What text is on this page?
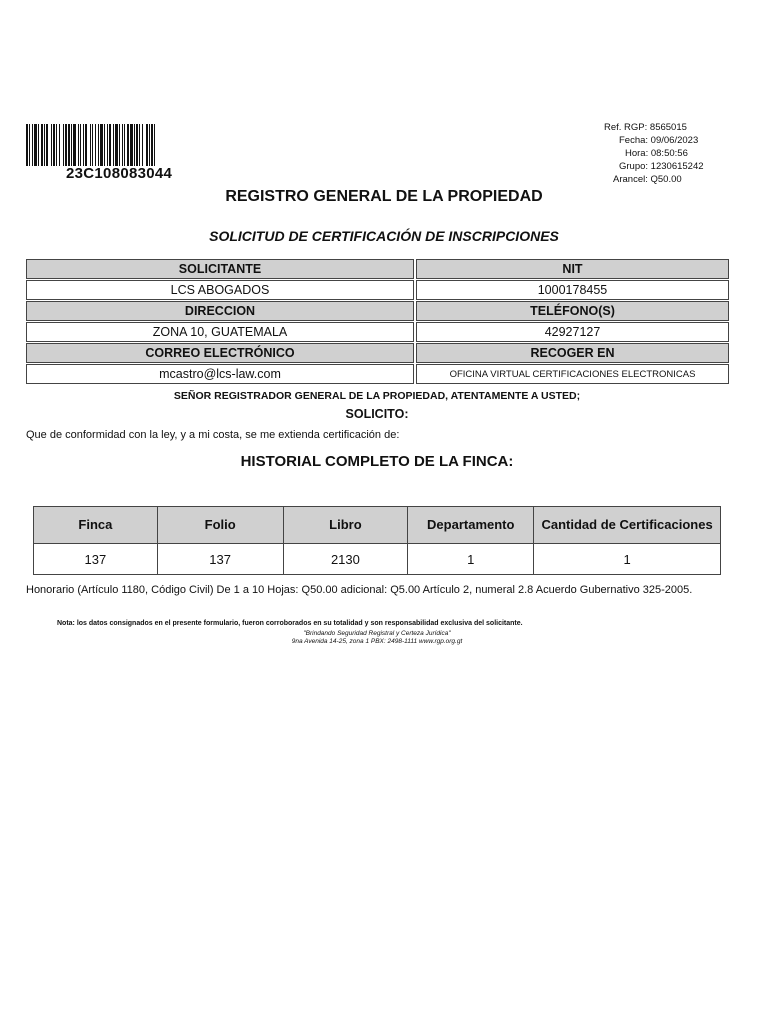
23C108083044
Ref. RGP: 8565015
Fecha: 09/06/2023
Hora: 08:50:56
Grupo: 1230615242
Arancel: Q50.00
REGISTRO GENERAL DE LA PROPIEDAD
SOLICITUD DE CERTIFICACIÓN DE INSCRIPCIONES
SOLICITANTE	NIT
LCS ABOGADOS	1000178455
DIRECCION	TELÉFONO(S)
ZONA 10, GUATEMALA	42927127
CORREO ELECTRÓNICO	RECOGER EN
mcastro@lcs-law.com	OFICINA VIRTUAL CERTIFICACIONES ELECTRONICAS
SEÑOR REGISTRADOR GENERAL DE LA PROPIEDAD, ATENTAMENTE A USTED;
SOLICITO:
Que de conformidad con la ley, y a mi costa, se me extienda certificación de:
HISTORIAL COMPLETO DE LA FINCA:
Finca	Folio	Libro	Departamento	Cantidad de Certificaciones
137	137	2130	1	1
Honorario (Artículo 1180, Código Civil) De 1 a 10 Hojas: Q50.00 adicional: Q5.00 Artículo 2, numeral 2.8 Acuerdo Gubernativo 325-2005.
Nota: los datos consignados en el presente formulario, fueron corroborados en su totalidad y son responsabilidad exclusiva del solicitante.
"Brindando Seguridad Registral y Certeza Jurídica"
9na Avenida 14-25, zona 1 PBX: 2498-1111 www.rgp.org.gt
